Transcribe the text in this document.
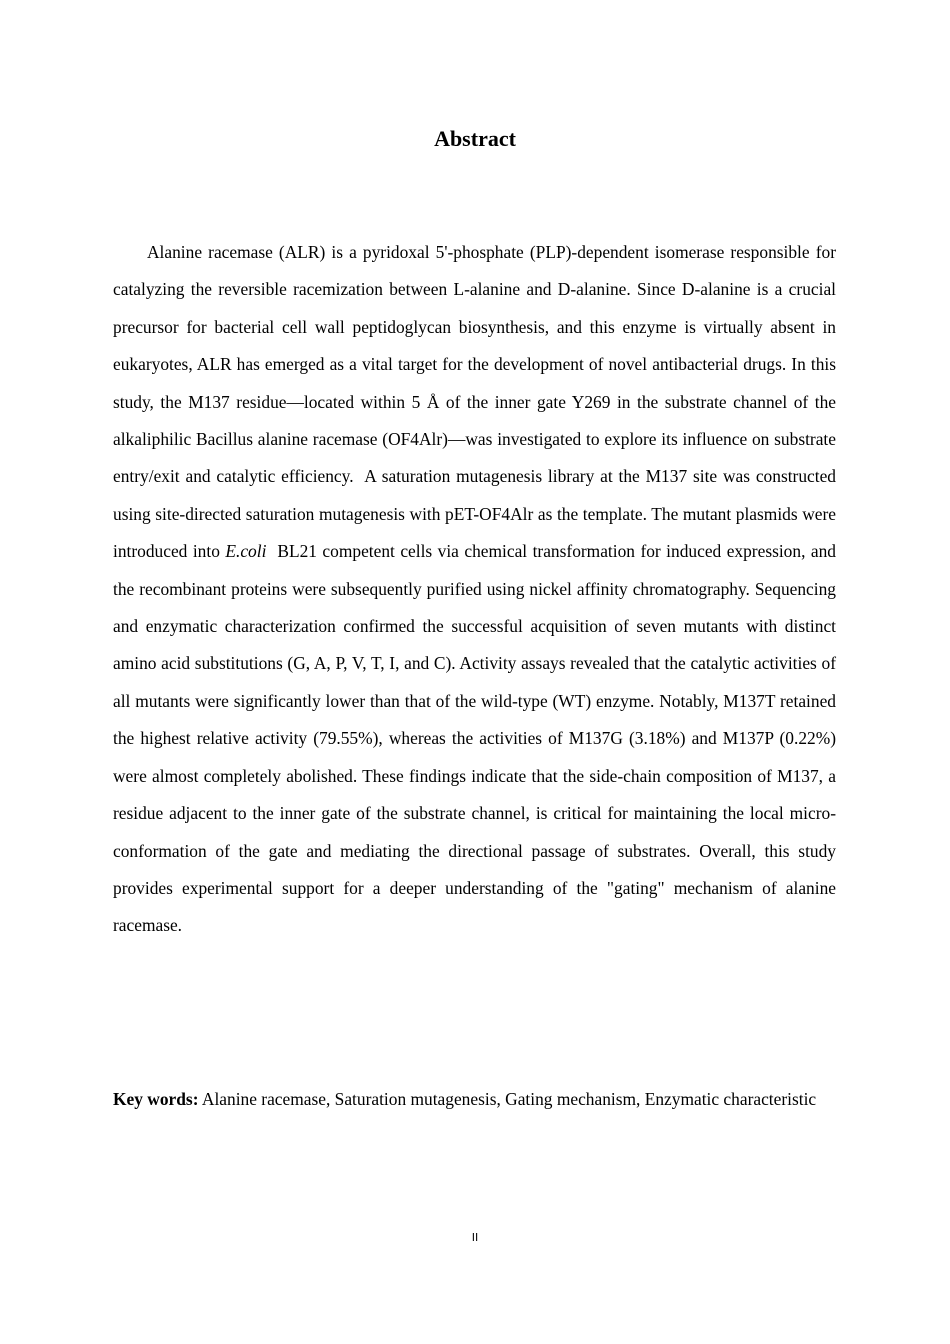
Abstract

Alanine racemase (ALR) is a pyridoxal 5'-phosphate (PLP)-dependent isomerase responsible for catalyzing the reversible racemization between L-alanine and D-alanine. Since D-alanine is a crucial precursor for bacterial cell wall peptidoglycan biosynthesis, and this enzyme is virtually absent in eukaryotes, ALR has emerged as a vital target for the development of novel antibacterial drugs. In this study, the M137 residue—located within 5 Å of the inner gate Y269 in the substrate channel of the alkaliphilic Bacillus alanine racemase (OF4Alr)—was investigated to explore its influence on substrate entry/exit and catalytic efficiency.  A saturation mutagenesis library at the M137 site was constructed using site-directed saturation mutagenesis with pET-OF4Alr as the template. The mutant plasmids were introduced into E.coli  BL21 competent cells via chemical transformation for induced expression, and the recombinant proteins were subsequently purified using nickel affinity chromatography. Sequencing and enzymatic characterization confirmed the successful acquisition of seven mutants with distinct amino acid substitutions (G, A, P, V, T, I, and C). Activity assays revealed that the catalytic activities of all mutants were significantly lower than that of the wild-type (WT) enzyme. Notably, M137T retained the highest relative activity (79.55%), whereas the activities of M137G (3.18%) and M137P (0.22%) were almost completely abolished. These findings indicate that the side-chain composition of M137, a residue adjacent to the inner gate of the substrate channel, is critical for maintaining the local micro-conformation of the gate and mediating the directional passage of substrates. Overall, this study provides experimental support for a deeper understanding of the "gating" mechanism of alanine racemase.

Key words: Alanine racemase, Saturation mutagenesis, Gating mechanism, Enzymatic characteristic

II
